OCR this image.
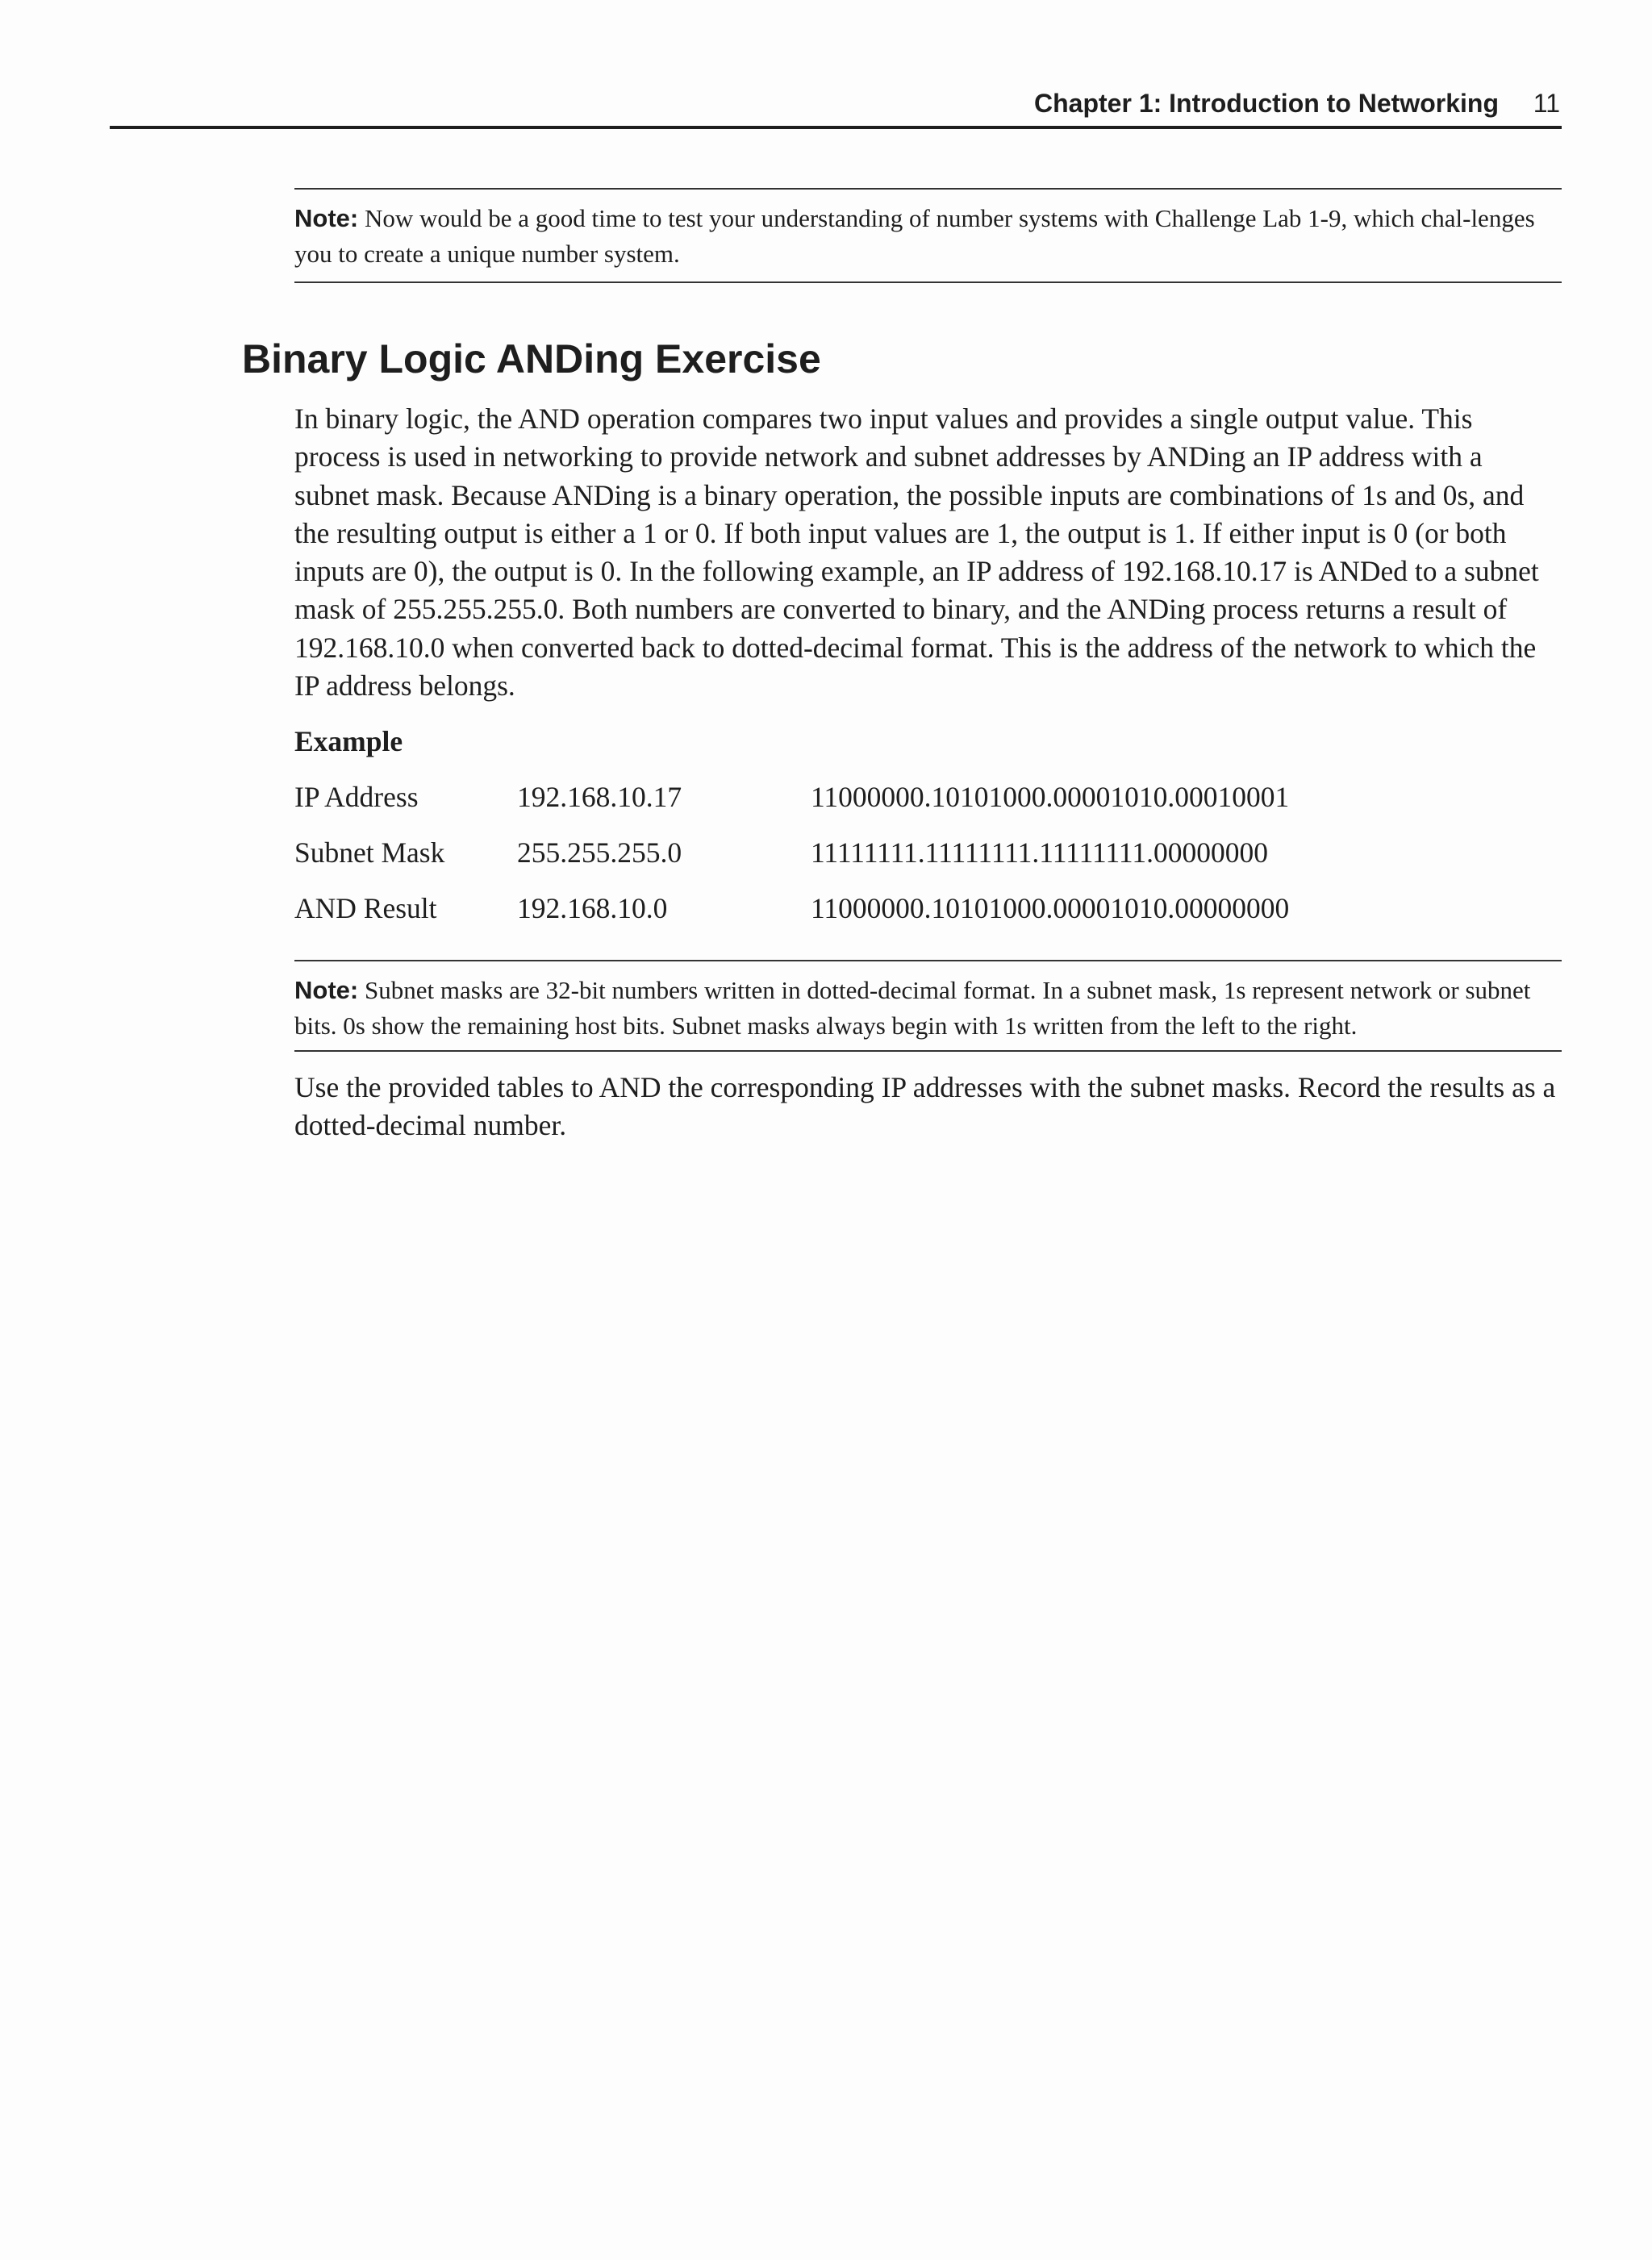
Chapter 1: Introduction to Networking 11
Note: Now would be a good time to test your understanding of number systems with Challenge Lab 1-9, which chal-lenges you to create a unique number system.
Binary Logic ANDing Exercise

In binary logic, the AND operation compares two input values and provides a single output value. This process is used in networking to provide network and subnet addresses by ANDing an IP address with a subnet mask. Because ANDing is a binary operation, the possible inputs are combinations of 1s and 0s, and the resulting output is either a 1 or 0. If both input values are 1, the output is 1. If either input is 0 (or both inputs are 0), the output is 0. In the following example, an IP address of 192.168.10.17 is ANDed to a subnet mask of 255.255.255.0. Both numbers are converted to binary, and the ANDing process returns a result of 192.168.10.0 when converted back to dotted-decimal format. This is the address of the network to which the IP address belongs.

Example
IP Address	192.168.10.17	11000000.10101000.00001010.00010001
Subnet Mask	255.255.255.0	11111111.11111111.11111111.00000000
AND Result	192.168.10.0	11000000.10101000.00001010.00000000
Note: Subnet masks are 32-bit numbers written in dotted-decimal format. In a subnet mask, 1s represent network or subnet bits. 0s show the remaining host bits. Subnet masks always begin with 1s written from the left to the right.

Use the provided tables to AND the corresponding IP addresses with the subnet masks. Record the results as a dotted-decimal number.
